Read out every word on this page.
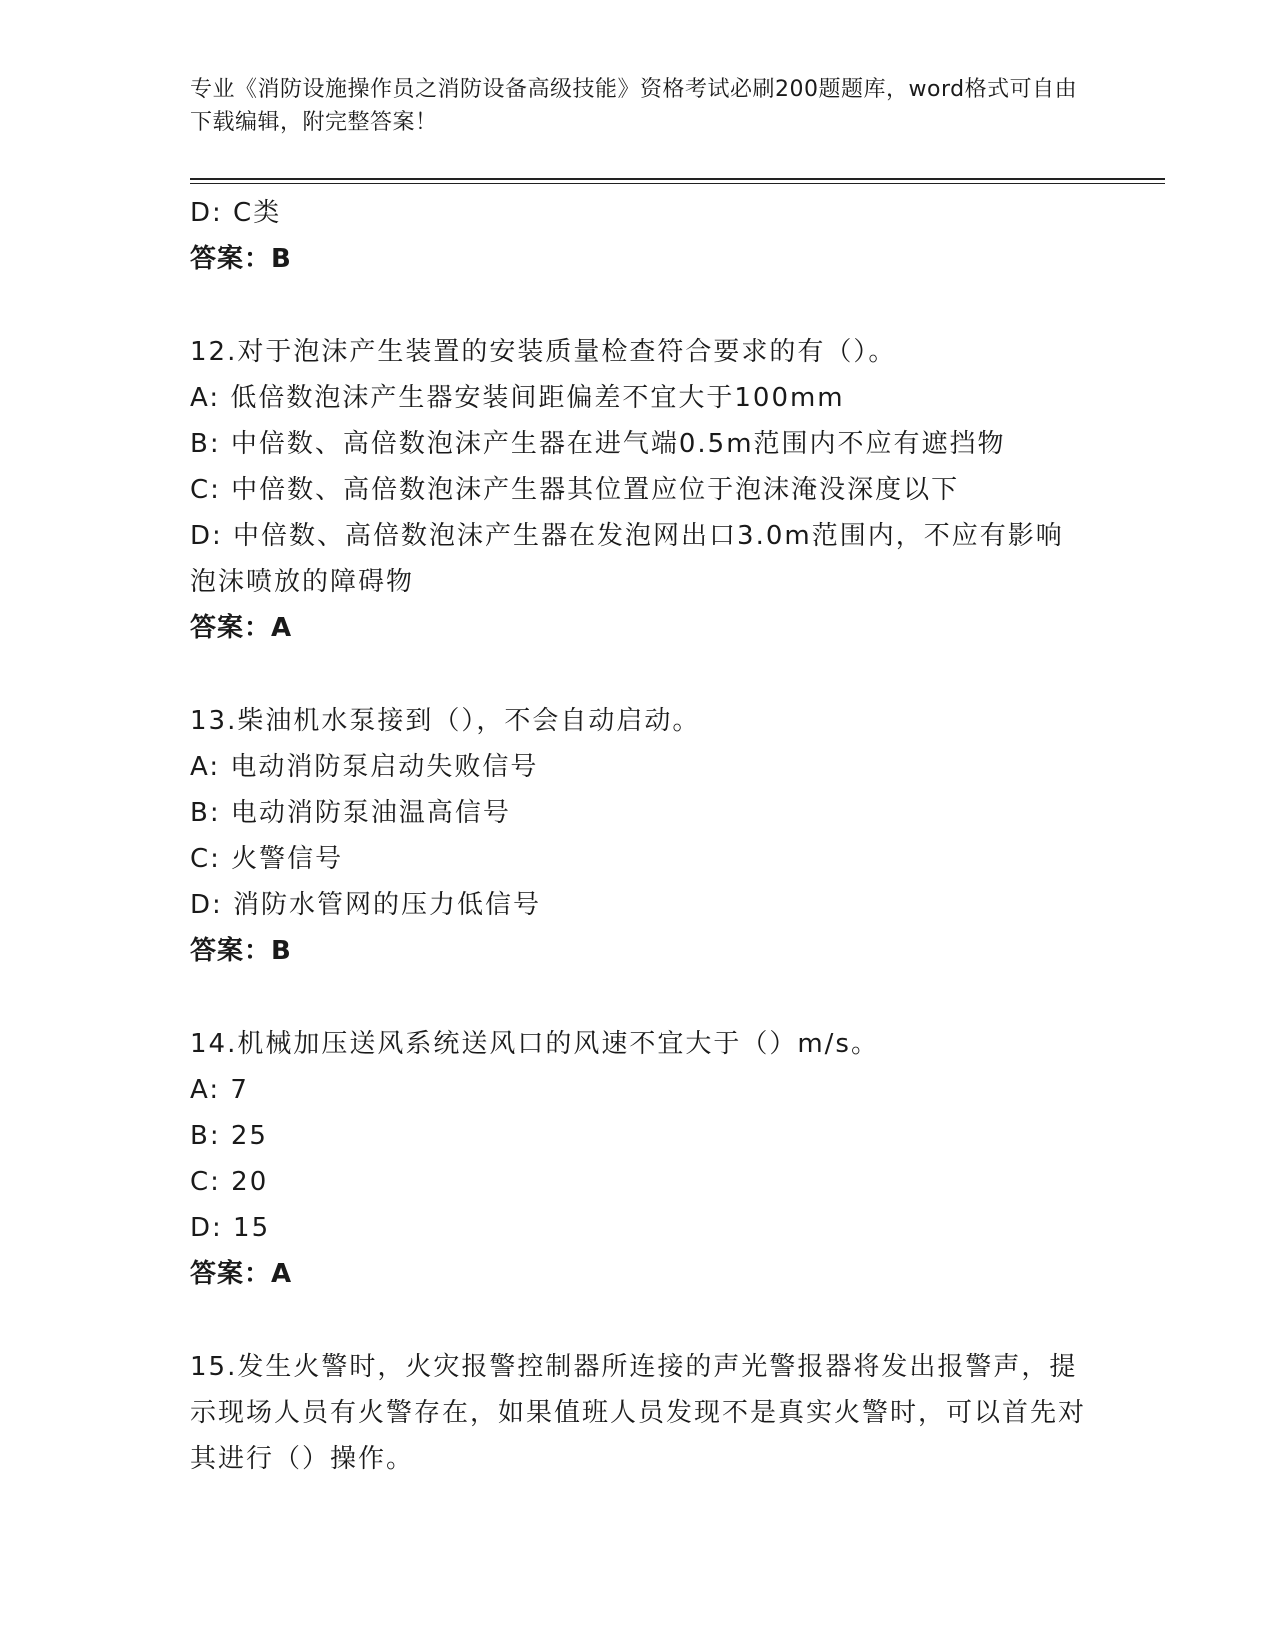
专业《消防设施操作员之消防设备高级技能》资格考试必刷200题题库，word格式可自由下载编辑，附完整答案！
D: C类
答案：B
12.对于泡沫产生装置的安装质量检查符合要求的有（）。
A: 低倍数泡沫产生器安装间距偏差不宜大于100mm
B: 中倍数、高倍数泡沫产生器在进气端0.5m范围内不应有遮挡物
C: 中倍数、高倍数泡沫产生器其位置应位于泡沫淹没深度以下
D: 中倍数、高倍数泡沫产生器在发泡网出口3.0m范围内，不应有影响泡沫喷放的障碍物
答案：A
13.柴油机水泵接到（），不会自动启动。
A: 电动消防泵启动失败信号
B: 电动消防泵油温高信号
C: 火警信号
D: 消防水管网的压力低信号
答案：B
14.机械加压送风系统送风口的风速不宜大于（）m/s。
A: 7
B: 25
C: 20
D: 15
答案：A
15.发生火警时，火灾报警控制器所连接的声光警报器将发出报警声，提示现场人员有火警存在，如果值班人员发现不是真实火警时，可以首先对其进行（）操作。
